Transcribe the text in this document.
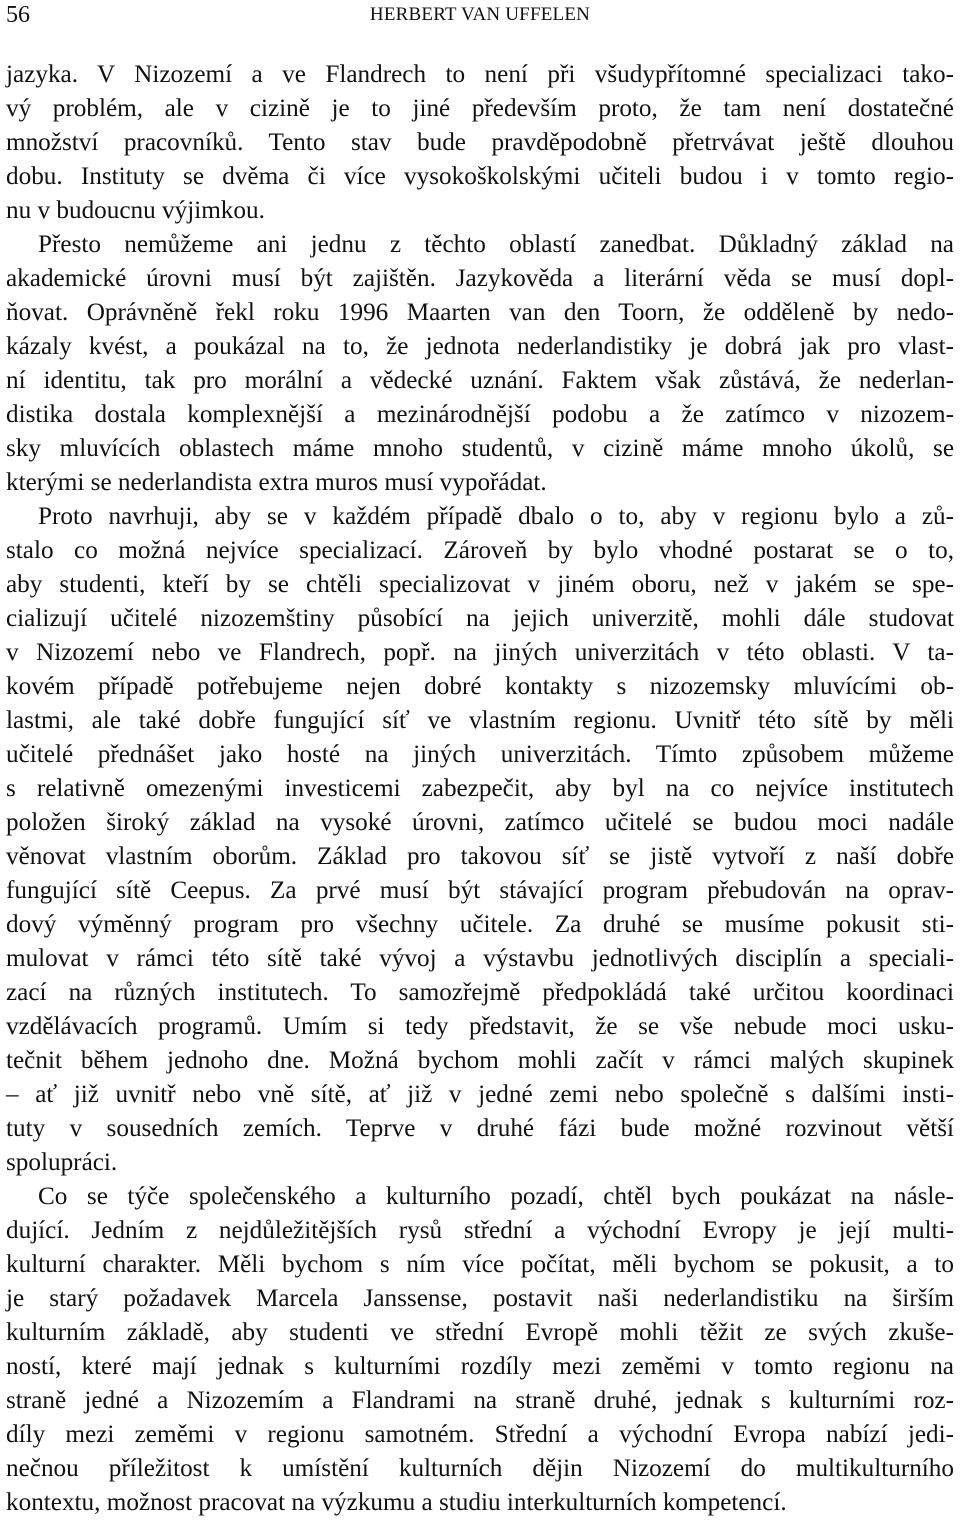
56	HERBERT VAN UFFELEN
jazyka. V Nizozemí a ve Flandrech to není při všudypřítomné specializaci tako-
vý problém, ale v cizině je to jiné především proto, že tam není dostatečné
množství pracovníků. Tento stav bude pravděpodobně přetrvávat ještě dlouhou
dobu. Instituty se dvěma či více vysokoškolskými učiteli budou i v tomto regio-
nu v budoucnu výjimkou.
Přesto nemůžeme ani jednu z těchto oblastí zanedbat. Důkladný základ na
akademické úrovni musí být zajištěn. Jazykověda a literární věda se musí dopl-
ňovat. Oprávněně řekl roku 1996 Maarten van den Toorn, že odděleně by nedo-
kázaly kvést, a poukázal na to, že jednota nederlandistiky je dobrá jak pro vlast-
ní identitu, tak pro morální a vědecké uznání. Faktem však zůstává, že nederlan-
distika dostala komplexnější a mezinárodnější podobu a že zatímco v nizozem-
sky mluvících oblastech máme mnoho studentů, v cizině máme mnoho úkolů, se
kterými se nederlandista extra muros musí vypořádat.
Proto navrhuji, aby se v každém případě dbalo o to, aby v regionu bylo a zů-
stalo co možná nejvíce specializací. Zároveň by bylo vhodné postarat se o to,
aby studenti, kteří by se chtěli specializovat v jiném oboru, než v jakém se spe-
cializují učitelé nizozemštiny působící na jejich univerzitě, mohli dále studovat
v Nizozemí nebo ve Flandrech, popř. na jiných univerzitách v této oblasti. V ta-
kovém případě potřebujeme nejen dobré kontakty s nizozemsky mluvícími ob-
lastmi, ale také dobře fungující síť ve vlastním regionu. Uvnitř této sítě by měli
učitelé přednášet jako hosté na jiných univerzitách. Tímto způsobem můžeme
s relativně omezenými investicemi zabezpečit, aby byl na co nejvíce institutech
položen široký základ na vysoké úrovni, zatímco učitelé se budou moci nadále
věnovat vlastním oborům. Základ pro takovou síť se jistě vytvoří z naší dobře
fungující sítě Ceepus. Za prvé musí být stávající program přebudován na oprav-
dový výměnný program pro všechny učitele. Za druhé se musíme pokusit sti-
mulovat v rámci této sítě také vývoj a výstavbu jednotlivých disciplín a speciali-
zací na různých institutech. To samozřejmě předpokládá také určitou koordinaci
vzdělávacích programů. Umím si tedy představit, že se vše nebude moci usku-
tečnit během jednoho dne. Možná bychom mohli začít v rámci malých skupinek
– ať již uvnitř nebo vně sítě, ať již v jedné zemi nebo společně s dalšími insti-
tuty v sousedních zemích. Teprve v druhé fázi bude možné rozvinout větší
spolupráci.
Co se týče společenského a kulturního pozadí, chtěl bych poukázat na násle-
dující. Jedním z nejdůležitějších rysů střední a východní Evropy je její multi-
kulturní charakter. Měli bychom s ním více počítat, měli bychom se pokusit, a to
je starý požadavek Marcela Janssense, postavit naši nederlandistiku na širším
kulturním základě, aby studenti ve střední Evropě mohli těžit ze svých zkuše-
ností, které mají jednak s kulturními rozdíly mezi zeměmi v tomto regionu na
straně jedné a Nizozemím a Flandrami na straně druhé, jednak s kulturními roz-
díly mezi zeměmi v regionu samotném. Střední a východní Evropa nabízí jedi-
nečnou příležitost k umístění kulturních dějin Nizozemí do multikulturního
kontextu, možnost pracovat na výzkumu a studiu interkulturních kompetencí.
